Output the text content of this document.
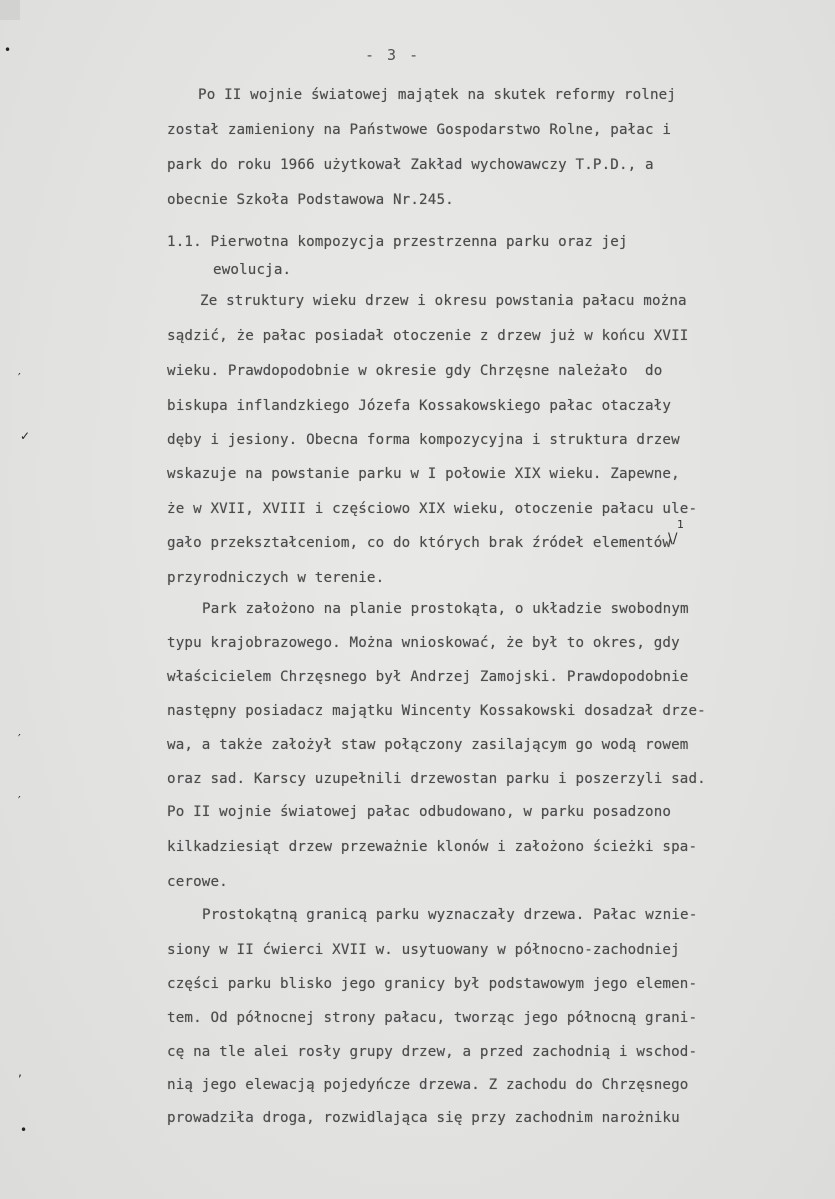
- 3 -
Po II wojnie światowej majątek na skutek reformy rolnej
został zamieniony na Państwowe Gospodarstwo Rolne, pałac i
park do roku 1966 użytkował Zakład wychowawczy T.P.D., a
obecnie Szkoła Podstawowa Nr.245.
1.1. Pierwotna kompozycja przestrzenna parku oraz jej
ewolucja.
Ze struktury wieku drzew i okresu powstania pałacu można
sądzić, że pałac posiadał otoczenie z drzew już w końcu XVII
wieku. Prawdopodobnie w okresie gdy Chrzęsne należało  do
biskupa inflandzkiego Józefa Kossakowskiego pałac otaczały
dęby i jesiony. Obecna forma kompozycyjna i struktura drzew
wskazuje na powstanie parku w I połowie XIX wieku. Zapewne,
że w XVII, XVIII i częściowo XIX wieku, otoczenie pałacu ule-
gało przekształceniom, co do których brak źródeł elementów
przyrodniczych w terenie.
\/
1
Park założono na planie prostokąta, o układzie swobodnym
typu krajobrazowego. Można wnioskować, że był to okres, gdy
właścicielem Chrzęsnego był Andrzej Zamojski. Prawdopodobnie
następny posiadacz majątku Wincenty Kossakowski dosadzał drze-
wa, a także założył staw połączony zasilającym go wodą rowem
oraz sad. Karscy uzupełnili drzewostan parku i poszerzyli sad.
Po II wojnie światowej pałac odbudowano, w parku posadzono
kilkadziesiąt drzew przeważnie klonów i założono ścieżki spa-
cerowe.
Prostokątną granicą parku wyznaczały drzewa. Pałac wznie-
siony w II ćwierci XVII w. usytuowany w północno-zachodniej
części parku blisko jego granicy był podstawowym jego elemen-
tem. Od północnej strony pałacu, tworząc jego północną grani-
cę na tle alei rosły grupy drzew, a przed zachodnią i wschod-
nią jego elewacją pojedyńcze drzewa. Z zachodu do Chrzęsnego
prowadziła droga, rozwidlająca się przy zachodnim narożniku
•
′
✓
′
′
‚
•
